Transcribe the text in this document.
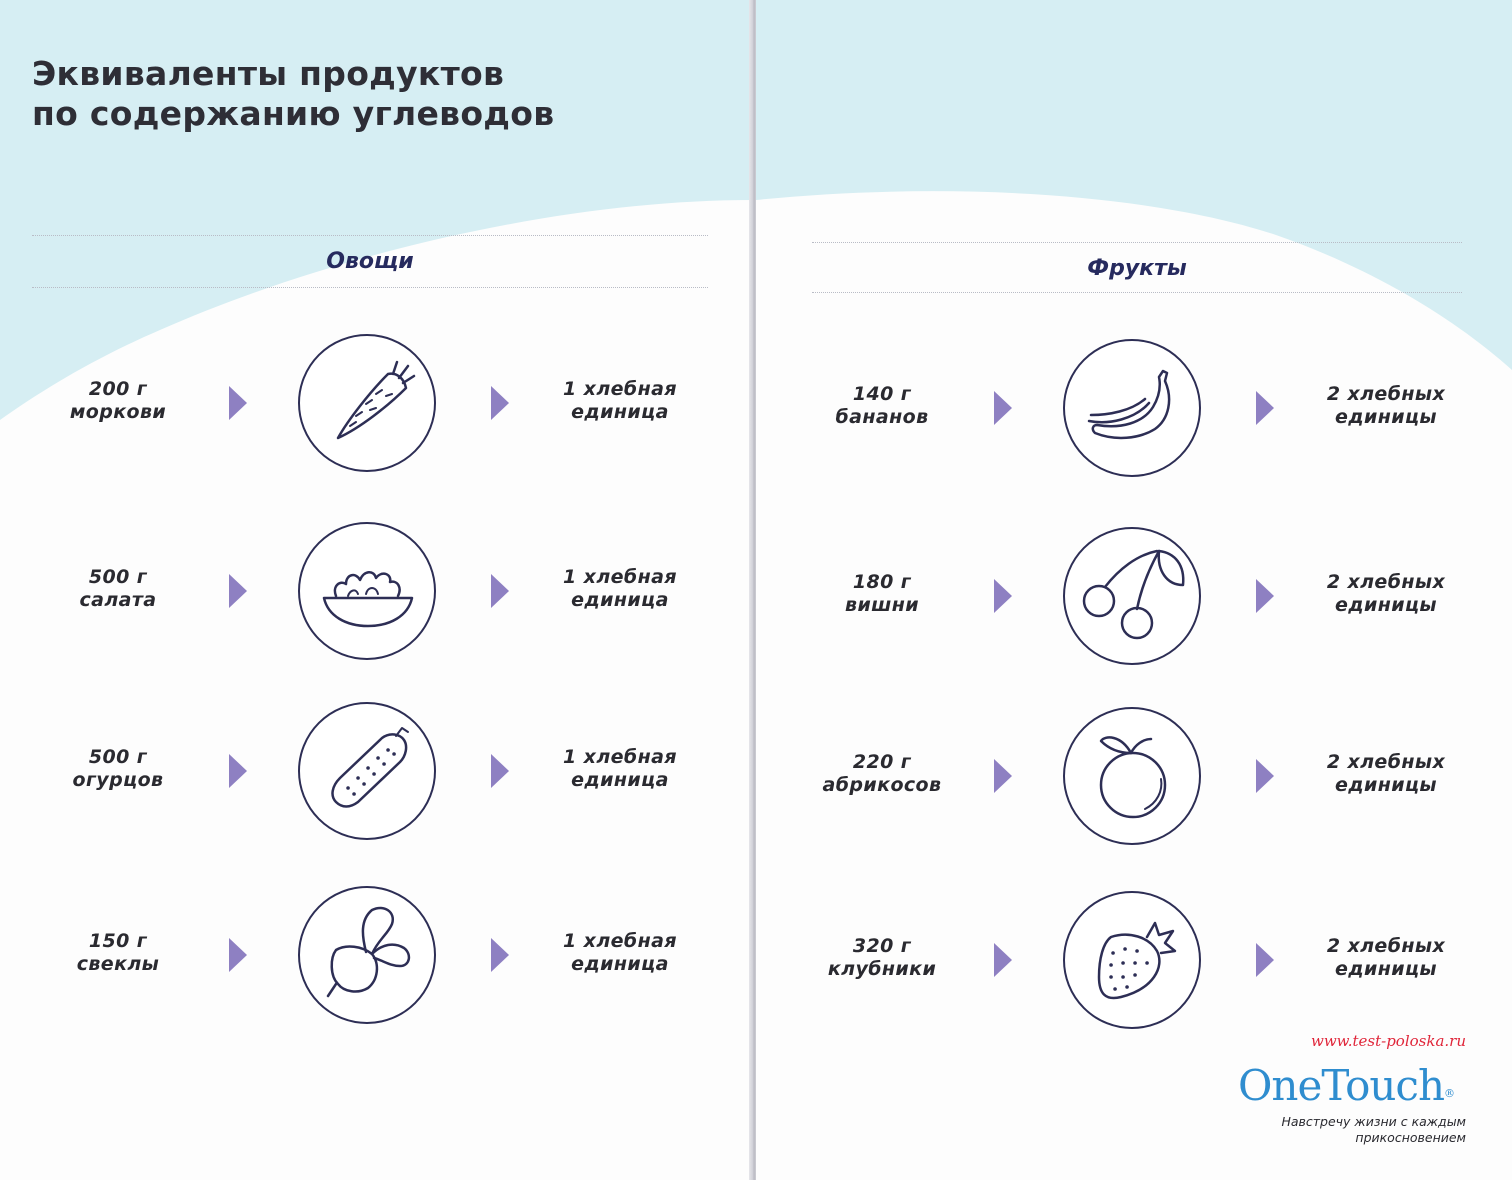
Эквиваленты продуктов
по содержанию углеводов
Овощи
200 г
моркови
1 хлебная
единица
500 г
салата
1 хлебная
единица
500 г
огурцов
1 хлебная
единица
150 г
свеклы
1 хлебная
единица
Фрукты
140 г
бананов
2 хлебных
единицы
180 г
вишни
2 хлебных
единицы
220 г
абрикосов
2 хлебных
единицы
320 г
клубники
2 хлебных
единицы
www.test-poloska.ru
OneTouch®
Навстречу жизни с каждым
прикосновением
